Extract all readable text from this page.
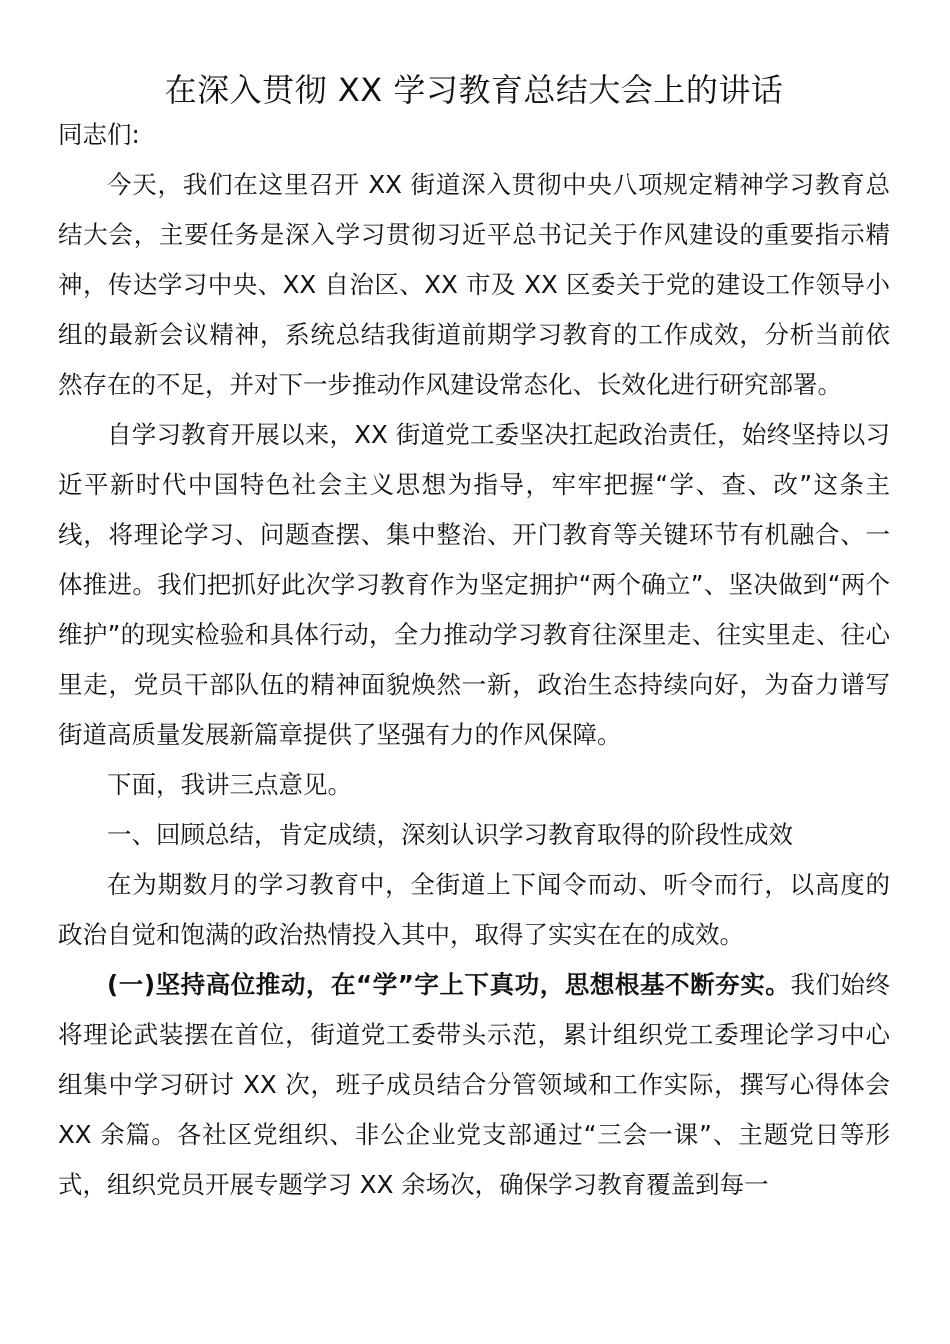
在深入贯彻 XX 学习教育总结大会上的讲话

同志们:

今天，我们在这里召开 XX 街道深入贯彻中央八项规定精神学习教育总结大会，主要任务是深入学习贯彻习近平总书记关于作风建设的重要指示精神，传达学习中央、XX 自治区、XX 市及 XX 区委关于党的建设工作领导小组的最新会议精神，系统总结我街道前期学习教育的工作成效，分析当前依然存在的不足，并对下一步推动作风建设常态化、长效化进行研究部署。

自学习教育开展以来，XX 街道党工委坚决扛起政治责任，始终坚持以习近平新时代中国特色社会主义思想为指导，牢牢把握“学、查、改”这条主线，将理论学习、问题查摆、集中整治、开门教育等关键环节有机融合、一体推进。我们把抓好此次学习教育作为坚定拥护“两个确立”、坚决做到“两个维护”的现实检验和具体行动，全力推动学习教育往深里走、往实里走、往心里走，党员干部队伍的精神面貌焕然一新，政治生态持续向好，为奋力谱写街道高质量发展新篇章提供了坚强有力的作风保障。

下面，我讲三点意见。

一、回顾总结，肯定成绩，深刻认识学习教育取得的阶段性成效

在为期数月的学习教育中，全街道上下闻令而动、听令而行，以高度的政治自觉和饱满的政治热情投入其中，取得了实实在在的成效。

(一)坚持高位推动，在“学”字上下真功，思想根基不断夯实。我们始终将理论武装摆在首位，街道党工委带头示范，累计组织党工委理论学习中心组集中学习研讨 XX 次，班子成员结合分管领域和工作实际，撰写心得体会 XX 余篇。各社区党组织、非公企业党支部通过“三会一课”、主题党日等形式，组织党员开展专题学习 XX 余场次，确保学习教育覆盖到每一
